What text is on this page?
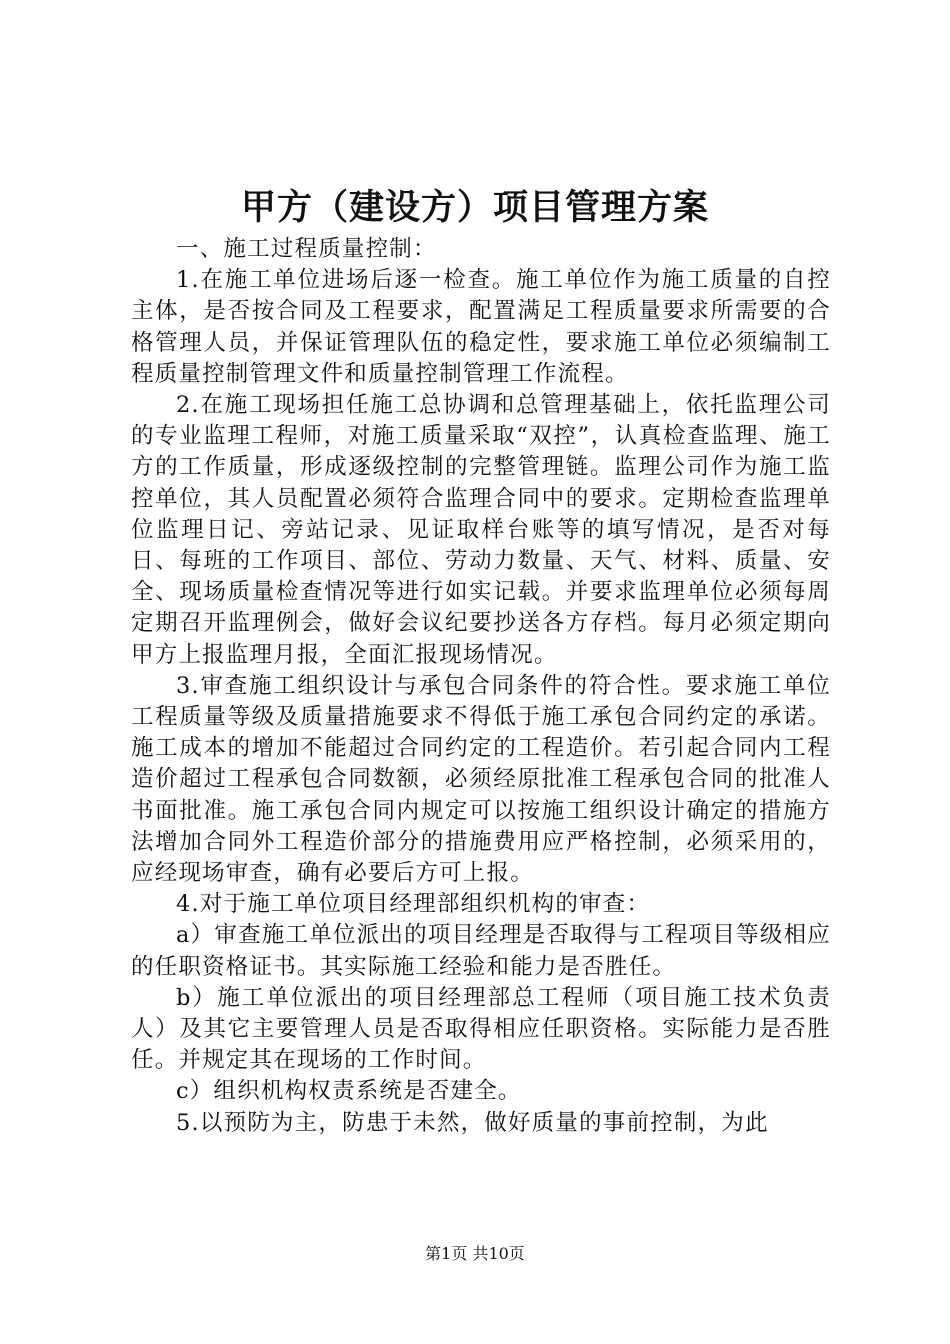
甲方（建设方）项目管理方案

一、施工过程质量控制：

1.在施工单位进场后逐一检查。施工单位作为施工质量的自控主体，是否按合同及工程要求，配置满足工程质量要求所需要的合格管理人员，并保证管理队伍的稳定性，要求施工单位必须编制工程质量控制管理文件和质量控制管理工作流程。

2.在施工现场担任施工总协调和总管理基础上，依托监理公司的专业监理工程师，对施工质量采取“双控”，认真检查监理、施工方的工作质量，形成逐级控制的完整管理链。监理公司作为施工监控单位，其人员配置必须符合监理合同中的要求。定期检查监理单位监理日记、旁站记录、见证取样台账等的填写情况，是否对每日、每班的工作项目、部位、劳动力数量、天气、材料、质量、安全、现场质量检查情况等进行如实记载。并要求监理单位必须每周定期召开监理例会，做好会议纪要抄送各方存档。每月必须定期向甲方上报监理月报，全面汇报现场情况。

3.审查施工组织设计与承包合同条件的符合性。要求施工单位工程质量等级及质量措施要求不得低于施工承包合同约定的承诺。施工成本的增加不能超过合同约定的工程造价。若引起合同内工程造价超过工程承包合同数额，必须经原批准工程承包合同的批准人书面批准。施工承包合同内规定可以按施工组织设计确定的措施方法增加合同外工程造价部分的措施费用应严格控制，必须采用的，应经现场审查，确有必要后方可上报。

4.对于施工单位项目经理部组织机构的审查：

a）审查施工单位派出的项目经理是否取得与工程项目等级相应的任职资格证书。其实际施工经验和能力是否胜任。

b）施工单位派出的项目经理部总工程师（项目施工技术负责人）及其它主要管理人员是否取得相应任职资格。实际能力是否胜任。并规定其在现场的工作时间。

c）组织机构权责系统是否建全。

5.以预防为主，防患于未然，做好质量的事前控制，为此

第1页 共10页
